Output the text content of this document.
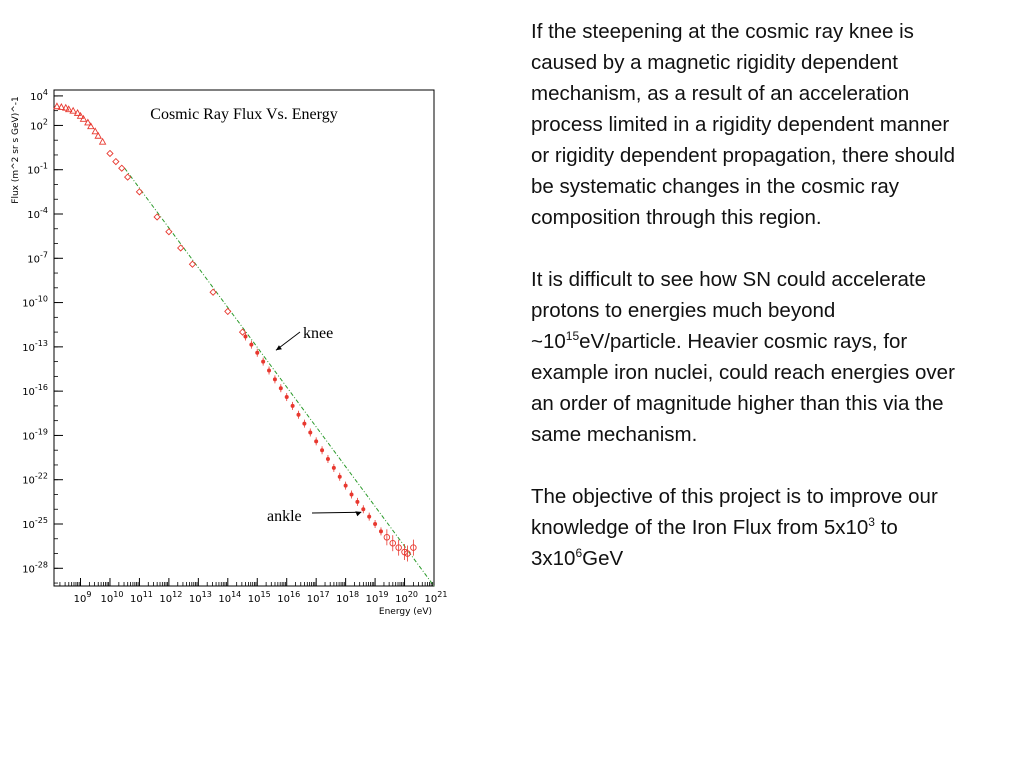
$10^9$ $10^{10}$ $10^{11}$ $10^{12}$ $10^{13}$ $10^{14}$ $10^{15}$ $10^{16}$ $10^{17}$ $10^{18}$ $10^{19}$ $10^{20}$ $10^{21}$
$10^4$
$10^2$
$10^{-1}$
$10^{-4}$
$10^{-7}$
$10^{-10}$
$10^{-13}$
$10^{-16}$
$10^{-19}$
$10^{-22}$
$10^{-25}$
$10^{-28}$
Energy (eV)
Flux (m^2 sr s GeV)^-1	Cosmic Ray Flux Vs. Energy
knee
ankle

If the steepening at the cosmic ray knee is caused by a magnetic rigidity dependent mechanism, as a result of an acceleration process limited in a rigidity dependent manner or rigidity dependent propagation, there should be systematic changes in the cosmic ray composition through this region.

It is difficult to see how SN could accelerate protons to energies much beyond $\sim 10^{15}eV$/particle. Heavier cosmic rays, for example iron nuclei, could reach energies over an order of magnitude higher than this via the same mechanism.

The objective of this project is to improve our knowledge of the Iron Flux from $5x10^3$ to $3x10^6GeV$
